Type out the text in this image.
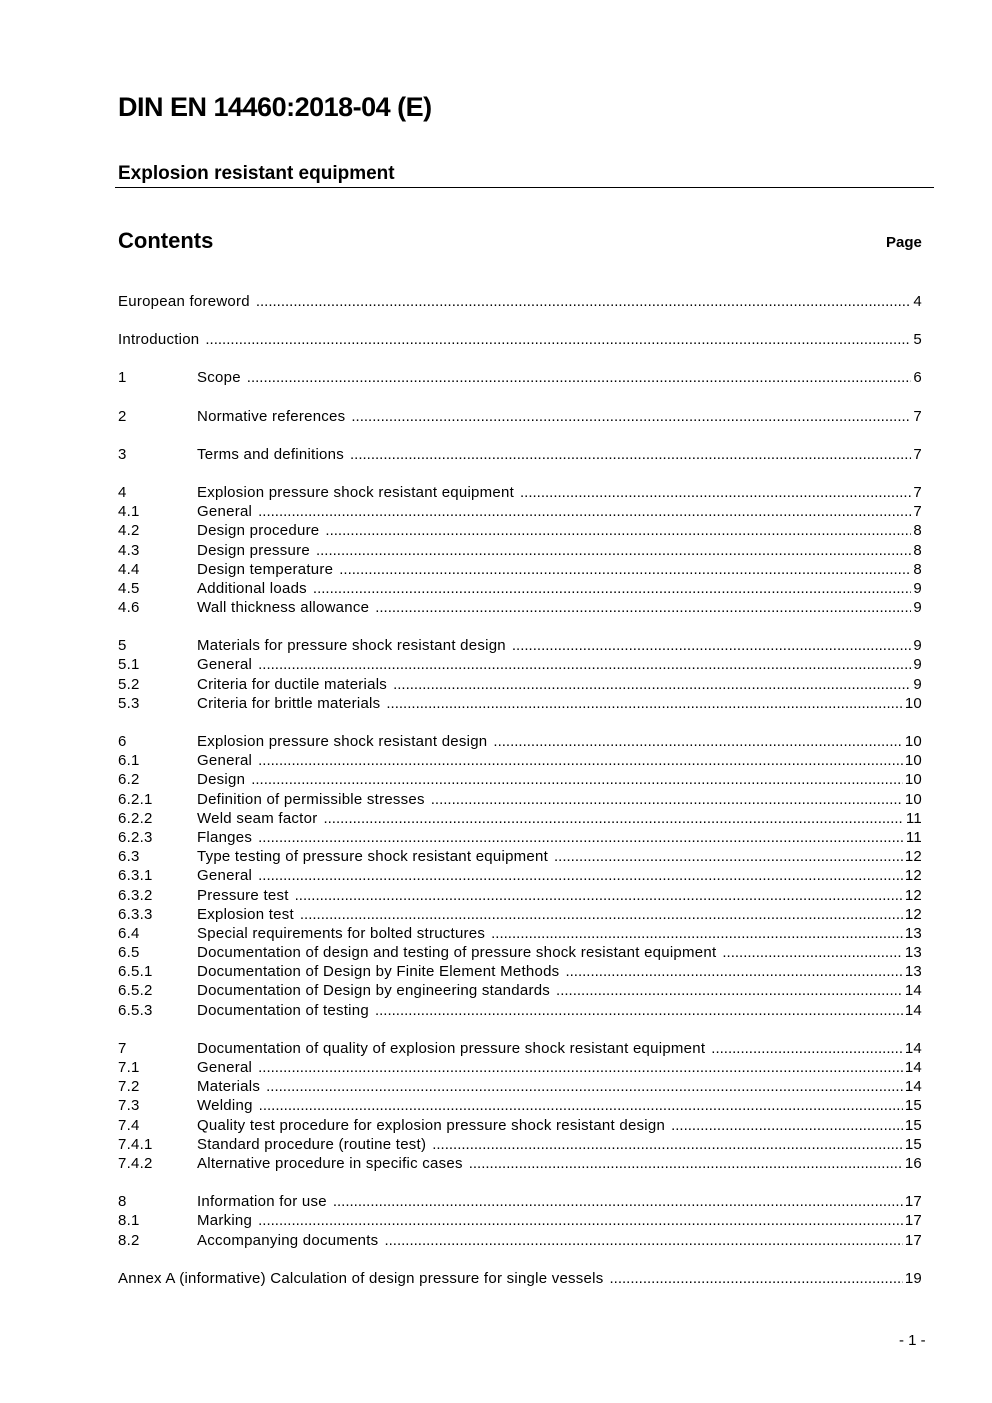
DIN EN 14460:2018-04 (E)
Explosion resistant equipment
Contents	Page
European foreword .....	4
Introduction .....	5
1	Scope .....	6
2	Normative references .....	7
3	Terms and definitions .....	7
4	Explosion pressure shock resistant equipment .....	7
4.1	General .....	7
4.2	Design procedure .....	8
4.3	Design pressure .....	8
4.4	Design temperature .....	8
4.5	Additional loads .....	9
4.6	Wall thickness allowance .....	9
5	Materials for pressure shock resistant design .....	9
5.1	General .....	9
5.2	Criteria for ductile materials .....	9
5.3	Criteria for brittle materials .....	10
6	Explosion pressure shock resistant design .....	10
6.1	General .....	10
6.2	Design .....	10
6.2.1	Definition of permissible stresses .....	10
6.2.2	Weld seam factor .....	11
6.2.3	Flanges .....	11
6.3	Type testing of pressure shock resistant equipment .....	12
6.3.1	General .....	12
6.3.2	Pressure test .....	12
6.3.3	Explosion test .....	12
6.4	Special requirements for bolted structures .....	13
6.5	Documentation of design and testing of pressure shock resistant equipment .....	13
6.5.1	Documentation of Design by Finite Element Methods .....	13
6.5.2	Documentation of Design by engineering standards .....	14
6.5.3	Documentation of testing .....	14
7	Documentation of quality of explosion pressure shock resistant equipment .....	14
7.1	General .....	14
7.2	Materials .....	14
7.3	Welding .....	15
7.4	Quality test procedure for explosion pressure shock resistant design .....	15
7.4.1	Standard procedure (routine test) .....	15
7.4.2	Alternative procedure in specific cases .....	16
8	Information for use .....	17
8.1	Marking .....	17
8.2	Accompanying documents .....	17
Annex A (informative) Calculation of design pressure for single vessels .....	19
- 1 -
